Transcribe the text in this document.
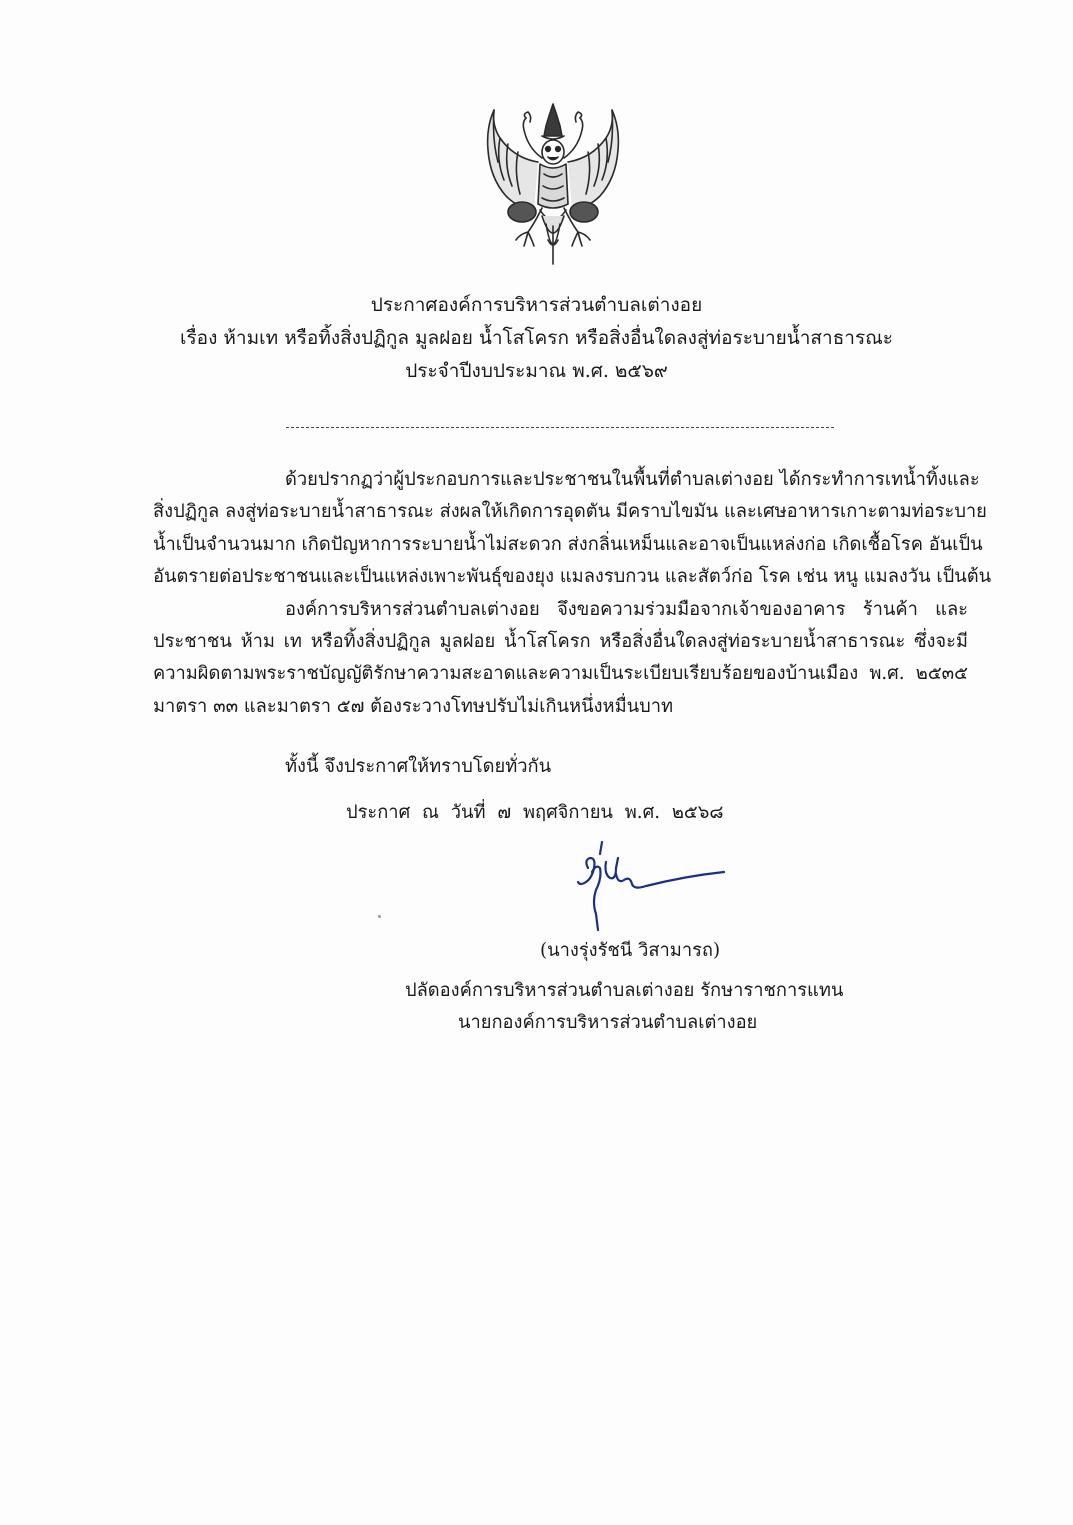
ประกาศองค์การบริหารส่วนตำบลเต่างอย
เรื่อง ห้ามเท หรือทิ้งสิ่งปฏิกูล มูลฝอย น้ำโสโครก หรือสิ่งอื่นใดลงสู่ท่อระบายน้ำสาธารณะ
ประจำปีงบประมาณ พ.ศ. ๒๕๖๙
ด้วยปรากฏว่าผู้ประกอบการและประชาชนในพื้นที่ตำบลเต่างอย ได้กระทำการเทน้ำทิ้งและ
สิ่งปฏิกูล ลงสู่ท่อระบายน้ำสาธารณะ ส่งผลให้เกิดการอุดตัน มีคราบไขมัน และเศษอาหารเกาะตามท่อระบาย
น้ำเป็นจำนวนมาก เกิดปัญหาการระบายน้ำไม่สะดวก ส่งกลิ่นเหม็นและอาจเป็นแหล่งก่อ เกิดเชื้อโรค อันเป็น
อันตรายต่อประชาชนและเป็นแหล่งเพาะพันธุ์ของยุง แมลงรบกวน และสัตว์ก่อ โรค เช่น หนู แมลงวัน เป็นต้น
องค์การบริหารส่วนตำบลเต่างอย จึงขอความร่วมมือจากเจ้าของอาคาร ร้านค้า และ
ประชาชน ห้าม เท หรือทิ้งสิ่งปฏิกูล มูลฝอย น้ำโสโครก หรือสิ่งอื่นใดลงสู่ท่อระบายน้ำสาธารณะ ซึ่งจะมี
ความผิดตามพระราชบัญญัติรักษาความสะอาดและความเป็นระเบียบเรียบร้อยของบ้านเมือง พ.ศ. ๒๕๓๕
มาตรา ๓๓ และมาตรา ๕๗ ต้องระวางโทษปรับไม่เกินหนึ่งหมื่นบาท
ทั้งนี้ จึงประกาศให้ทราบโดยทั่วกัน
ประกาศ ณ วันที่ ๗ พฤศจิกายน พ.ศ. ๒๕๖๘
(นางรุ่งรัชนี วิสามารถ)
ปลัดองค์การบริหารส่วนตำบลเต่างอย รักษาราชการแทน
นายกองค์การบริหารส่วนตำบลเต่างอย
